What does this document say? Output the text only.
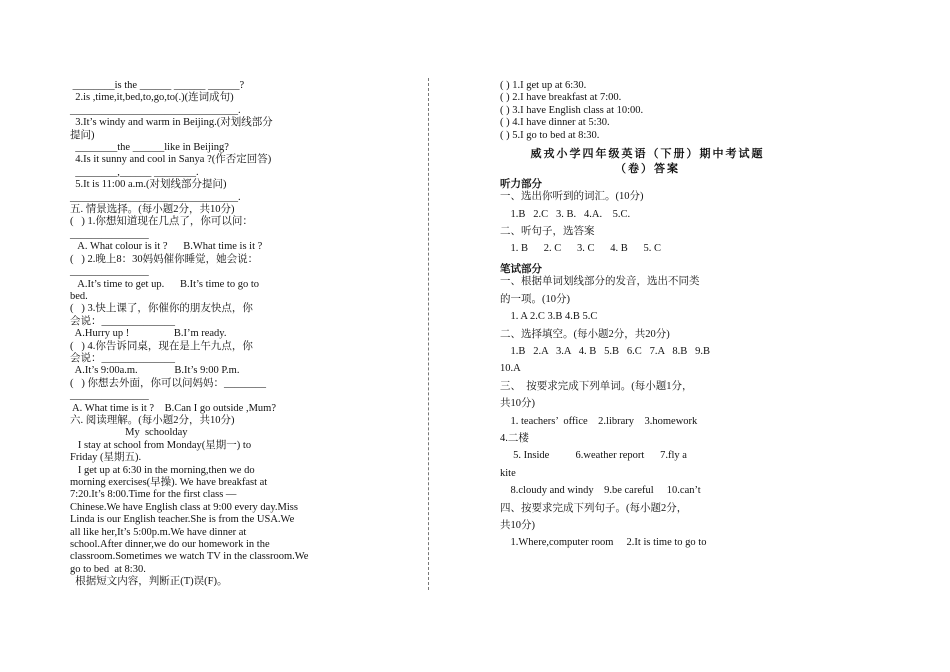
________is the ______ ______ ______?
2.is ,time,it,bed,to,go,to(.)(连词成句)
________________________________.
3.It’s windy and warm in Beijing.(对划线部分
提问)
________the ______like in Beijing?
4.Is it sunny and cool in Sanya ?(作否定回答)
________,______ ________.
5.It is 11:00 a.m.(对划线部分提问)
________________________________.
五. 情景选择。(每小题2分，共10分)
(   ) 1.你想知道现在几点了，你可以问：
_______________
A. What colour is it ?      B.What time is it ?
(   ) 2.晚上8：30妈妈催你睡觉，她会说：
_______________
A.It’s time to get up.      B.It’s time to go to
bed.
(   ) 3.快上课了，你催你的朋友快点，你
会说：______________
A.Hurry up !                 B.I’m ready.
(   ) 4.你告诉同桌，现在是上午九点，你
会说：______________
A.It’s 9:00a.m.              B.It’s 9:00 P.m.
(   ) 你想去外面，你可以问妈妈：________
_______________
A. What time is it ?    B.Can I go outside ,Mum?
六. 阅读理解。(每小题2分，共10分)
My  schoolday
I stay at school from Monday(星期一) to
Friday (星期五).
I get up at 6:30 in the morning,then we do
morning exercises(早操). We have breakfast at
7:20.It’s 8:00.Time for the first class —
Chinese.We have English class at 9:00 every day.Miss
Linda is our English teacher.She is from the USA.We
all like her,It’s 5:00p.m.We have dinner at
school.After dinner,we do our homework in the
classroom.Sometimes we watch TV in the classroom.We
go to bed  at 8:30.
根据短文内容，判断正(T)误(F)。
( ) 1.I get up at 6:30.
( ) 2.I have breakfast at 7:00.
( ) 3.I have English class at 10:00.
( ) 4.I have dinner at 5:30.
( ) 5.I go to bed at 8:30.
威戎小学四年级英语（下册）期中考试题
（卷）答案
听力部分
一、选出你听到的词汇。(10分)
1.B   2.C   3. B.   4.A.    5.C.
二、听句子，选答案
1. B      2. C      3. C      4. B      5. C
笔试部分
一、根据单词划线部分的发音，选出不同类
的一项。(10分)
1. A 2.C 3.B 4.B 5.C
二、选择填空。(每小题2分，共20分)
1.B   2.A   3.A   4. B   5.B   6.C   7.A   8.B   9.B
10.A
三、  按要求完成下列单词。(每小题1分，
共10分)
1. teachers’  office    2.library    3.homework
4.二楼
5. Inside          6.weather report      7.fly a
kite
8.cloudy and windy    9.be careful     10.can’t
四、按要求完成下列句子。(每小题2分，
共10分)
1.Where,computer room     2.It is time to go to
